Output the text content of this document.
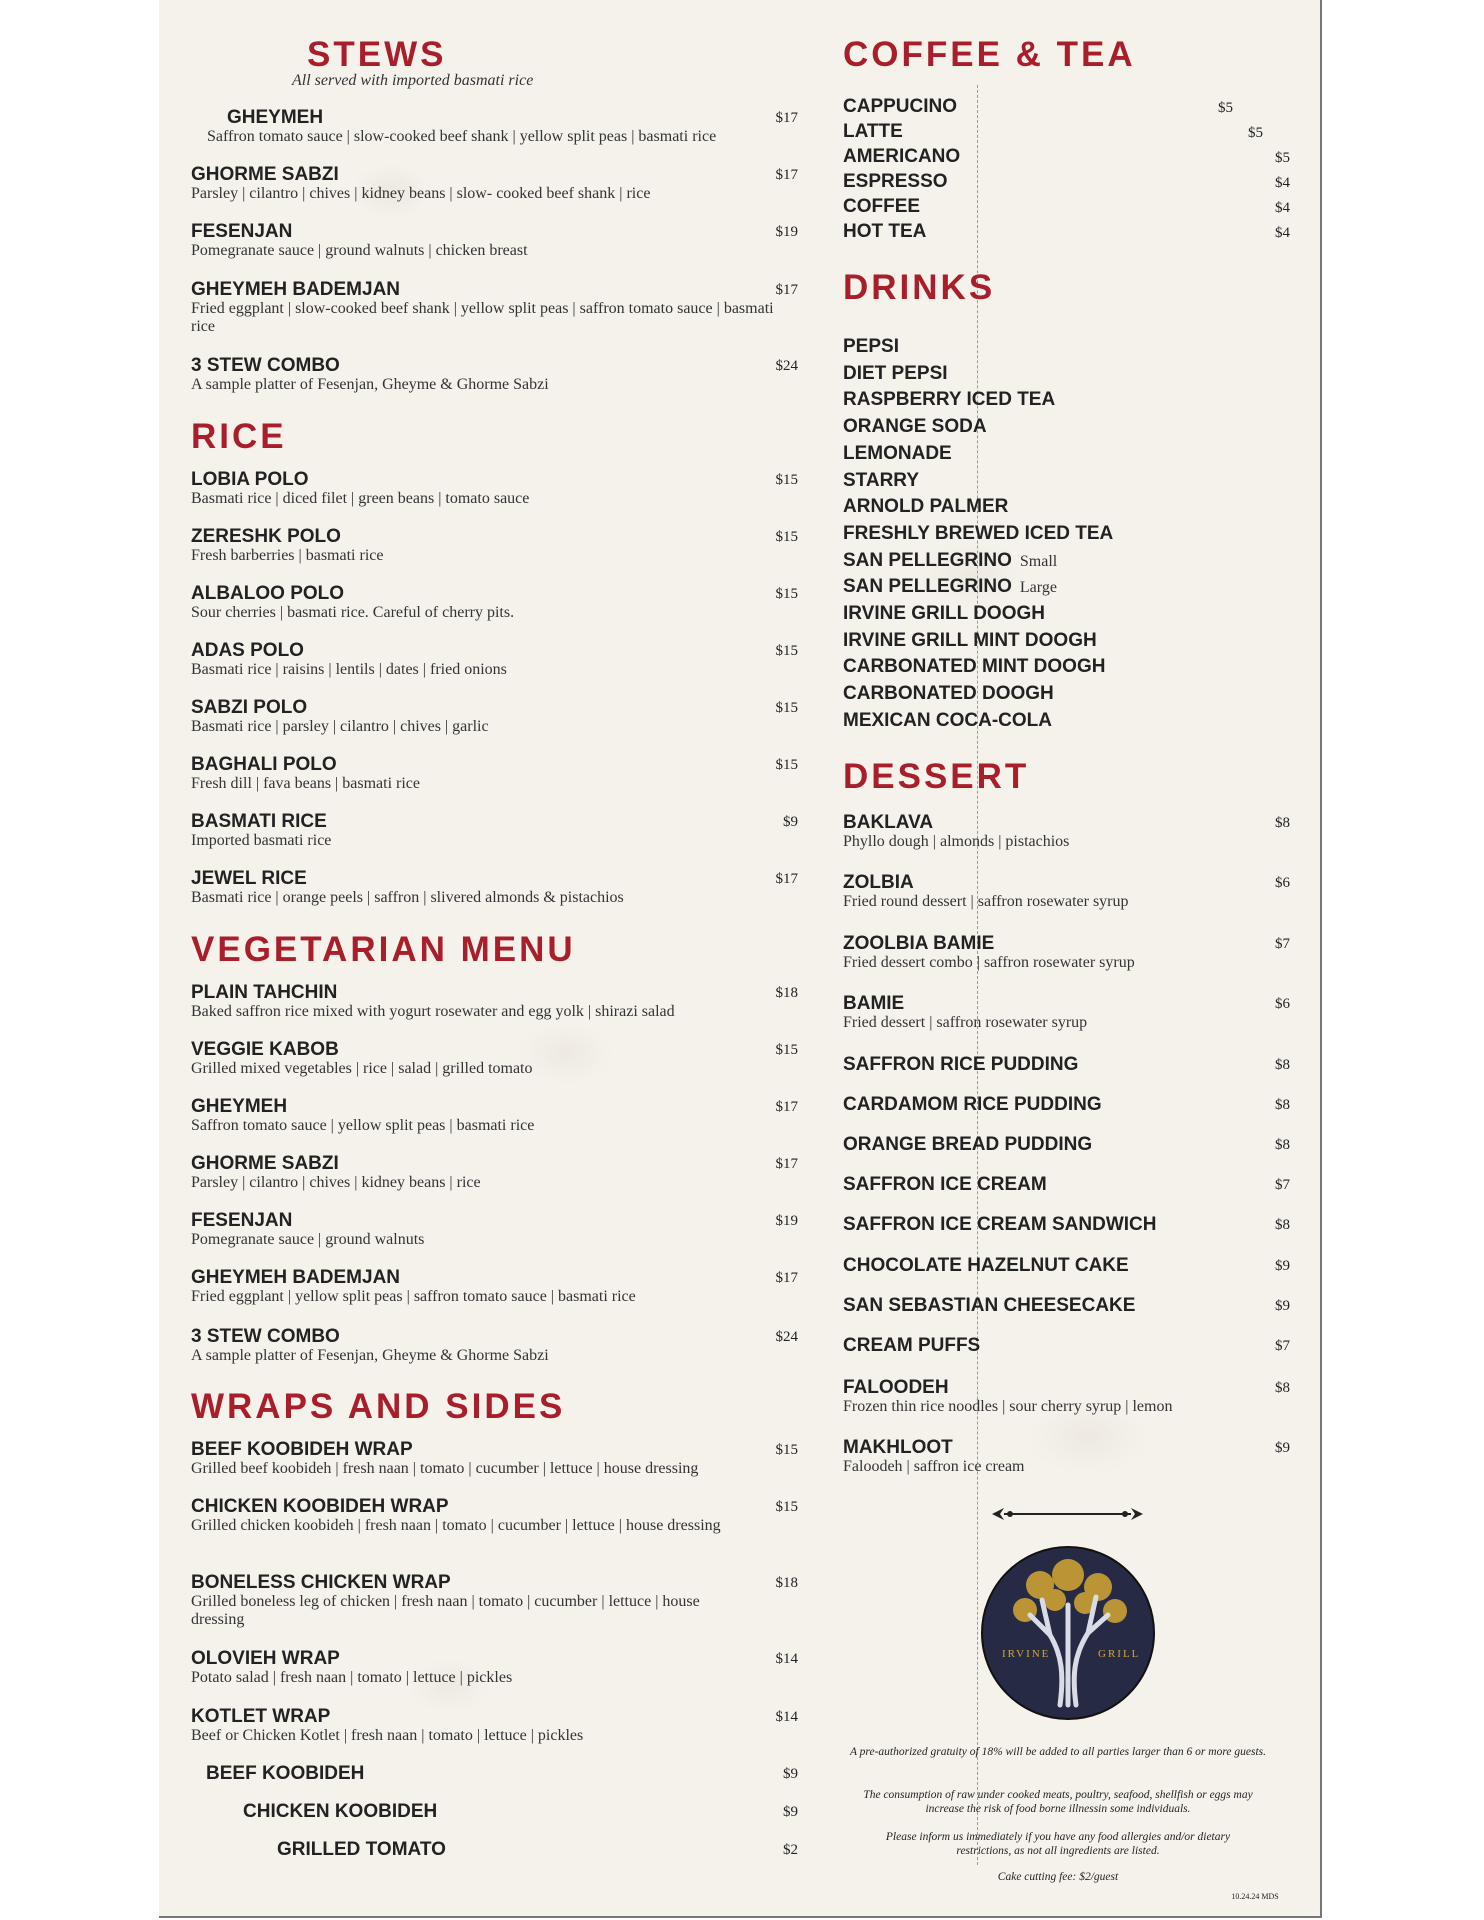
STEWS
All served with imported basmati rice
GHEYMEH
Saffron tomato sauce | slow-cooked beef shank | yellow split peas | basmati rice
$17
GHORME SABZI
Parsley | cilantro | chives | kidney beans | slow- cooked beef shank | rice
$17
FESENJAN
Pomegranate sauce | ground walnuts | chicken breast
$19
GHEYMEH BADEMJAN
Fried eggplant | slow-cooked beef shank | yellow split peas | saffron tomato sauce | basmati rice
$17
3 STEW COMBO
A sample platter of Fesenjan, Gheyme & Ghorme Sabzi
$24
RICE
LOBIA POLO
Basmati rice | diced filet | green beans | tomato sauce
$15
ZERESHK POLO
Fresh barberries | basmati rice
$15
ALBALOO POLO
Sour cherries | basmati rice. Careful of cherry pits.
$15
ADAS POLO
Basmati rice | raisins | lentils | dates | fried onions
$15
SABZI POLO
Basmati rice | parsley | cilantro | chives | garlic
$15
BAGHALI POLO
Fresh dill | fava beans | basmati rice
$15
BASMATI RICE
Imported basmati rice
$9
JEWEL RICE
Basmati rice | orange peels | saffron | slivered almonds & pistachios
$17
VEGETARIAN MENU
PLAIN TAHCHIN
Baked saffron rice mixed with yogurt rosewater and egg yolk | shirazi salad
$18
VEGGIE KABOB
Grilled mixed vegetables | rice | salad | grilled tomato
$15
GHEYMEH
Saffron tomato sauce | yellow split peas | basmati rice
$17
GHORME SABZI
Parsley | cilantro | chives | kidney beans | rice
$17
FESENJAN
Pomegranate sauce | ground walnuts
$19
GHEYMEH BADEMJAN
Fried eggplant | yellow split peas | saffron tomato sauce | basmati rice
$17
3 STEW COMBO
A sample platter of Fesenjan, Gheyme & Ghorme Sabzi
$24
WRAPS AND SIDES
BEEF KOOBIDEH WRAP
Grilled beef koobideh | fresh naan | tomato | cucumber | lettuce | house dressing
$15
CHICKEN KOOBIDEH WRAP
Grilled chicken koobideh | fresh naan | tomato | cucumber | lettuce | house dressing
$15
BONELESS CHICKEN WRAP
Grilled boneless leg of chicken | fresh naan | tomato | cucumber | lettuce | house dressing
$18
OLOVIEH WRAP
Potato salad | fresh naan | tomato | lettuce | pickles
$14
KOTLET WRAP
Beef or Chicken Kotlet | fresh naan | tomato | lettuce | pickles
$14
BEEF KOOBIDEH	$9
CHICKEN KOOBIDEH	$9
GRILLED TOMATO	$2
COFFEE & TEA
CAPPUCINO	$5
LATTE	$5
AMERICANO	$5
ESPRESSO	$4
COFFEE	$4
HOT TEA	$4
DRINKS
PEPSI
DIET PEPSI
RASPBERRY ICED TEA
ORANGE SODA
LEMONADE
STARRY
ARNOLD PALMER
FRESHLY BREWED ICED TEA
SAN PELLEGRINO Small
SAN PELLEGRINO Large
IRVINE GRILL DOOGH
IRVINE GRILL MINT DOOGH
CARBONATED MINT DOOGH
CARBONATED DOOGH
MEXICAN COCA-COLA
DESSERT
BAKLAVA
Phyllo dough | almonds | pistachios
$8
ZOLBIA
Fried round dessert | saffron rosewater syrup
$6
ZOOLBIA BAMIE
Fried dessert combo | saffron rosewater syrup
$7
BAMIE
Fried dessert | saffron rosewater syrup
$6
SAFFRON RICE PUDDING	$8
CARDAMOM RICE PUDDING	$8
ORANGE BREAD PUDDING	$8
SAFFRON ICE CREAM	$7
SAFFRON ICE CREAM SANDWICH	$8
CHOCOLATE HAZELNUT CAKE	$9
SAN SEBASTIAN CHEESECAKE	$9
CREAM PUFFS	$7
FALOODEH
Frozen thin rice noodles | sour cherry syrup | lemon
$8
MAKHLOOT
Faloodeh | saffron ice cream
$9
IRVINE	GRILL
A pre-authorized gratuity of 18% will be added to all parties larger than 6 or more guests.
The consumption of raw under cooked meats, poultry, seafood, shellfish or eggs may increase the risk of food borne illnessin some individuals.
Please inform us immediately if you have any food allergies and/or dietary restrictions, as not all ingredients are listed.
Cake cutting fee: $2/guest
10.24.24 MDS
